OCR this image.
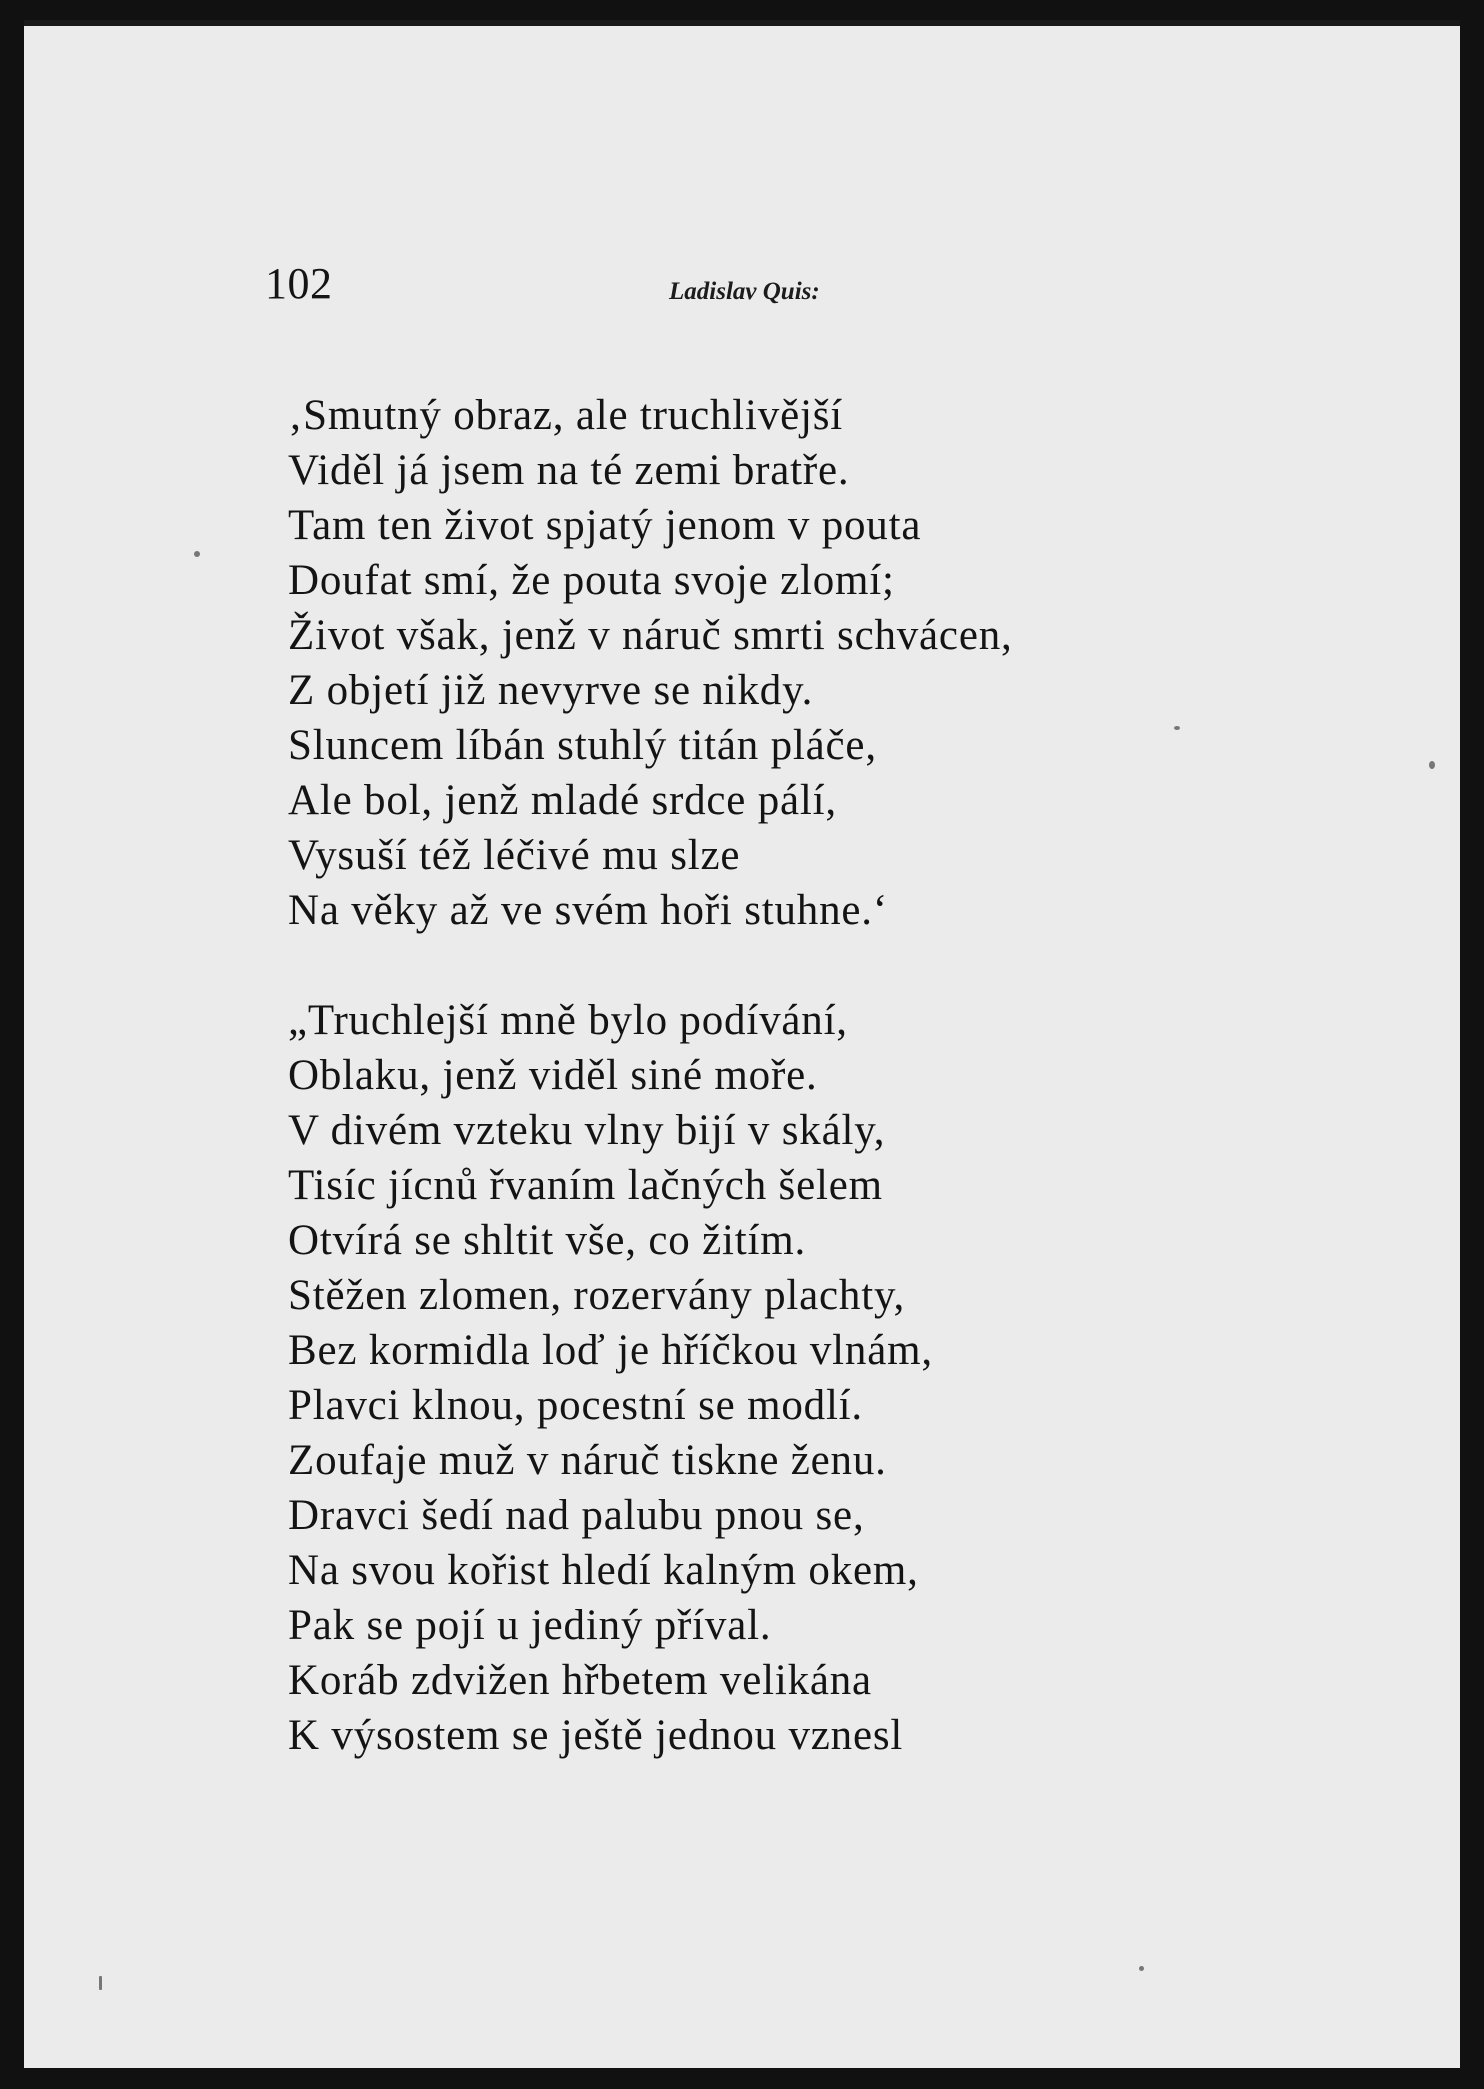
102	Ladislav Quis:
‚Smutný obraz, ale truchlivější
Viděl já jsem na té zemi bratře.
Tam ten život spjatý jenom v pouta
Doufat smí, že pouta svoje zlomí;
Život však, jenž v náruč smrti schvácen,
Z objetí již nevyrve se nikdy.
Sluncem líbán stuhlý titán pláče,
Ale bol, jenž mladé srdce pálí,
Vysuší též léčivé mu slze
Na věky až ve svém hoři stuhne.‘
„Truchlejší mně bylo podívání,
Oblaku, jenž viděl siné moře.
V divém vzteku vlny bijí v skály,
Tisíc jícnů řvaním lačných šelem
Otvírá se shltit vše, co žitím.
Stěžen zlomen, rozervány plachty,
Bez kormidla loď je hříčkou vlnám,
Plavci klnou, pocestní se modlí.
Zoufaje muž v náruč tiskne ženu.
Dravci šedí nad palubu pnou se,
Na svou kořist hledí kalným okem,
Pak se pojí u jediný příval.
Koráb zdvižen hřbetem velikána
K výsostem se ještě jednou vznesl
